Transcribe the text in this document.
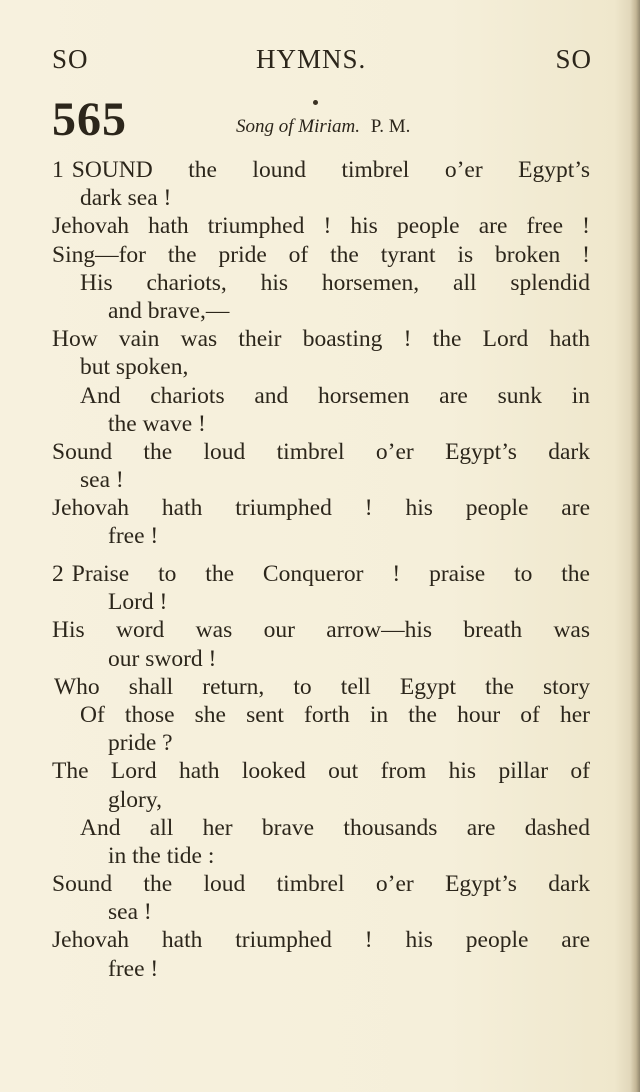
SO	HYMNS.	SO
565	Song of Miriam. P. M.
1 SOUND the lound timbrel o’er Egypt’s
dark sea !
Jehovah hath triumphed ! his people are free !
Sing—for the pride of the tyrant is broken !
His chariots, his horsemen, all splendid
and brave,—
How vain was their boasting ! the Lord hath
but spoken,
And chariots and horsemen are sunk in
the wave !
Sound the loud timbrel o’er Egypt’s dark
sea !
Jehovah hath triumphed ! his people are
free !
2 Praise to the Conqueror ! praise to the
Lord !
His word was our arrow—his breath was
our sword !
Who shall return, to tell Egypt the story
Of those she sent forth in the hour of her
pride ?
The Lord hath looked out from his pillar of
glory,
And all her brave thousands are dashed
in the tide :
Sound the loud timbrel o’er Egypt’s dark
sea !
Jehovah hath triumphed ! his people are
free !
